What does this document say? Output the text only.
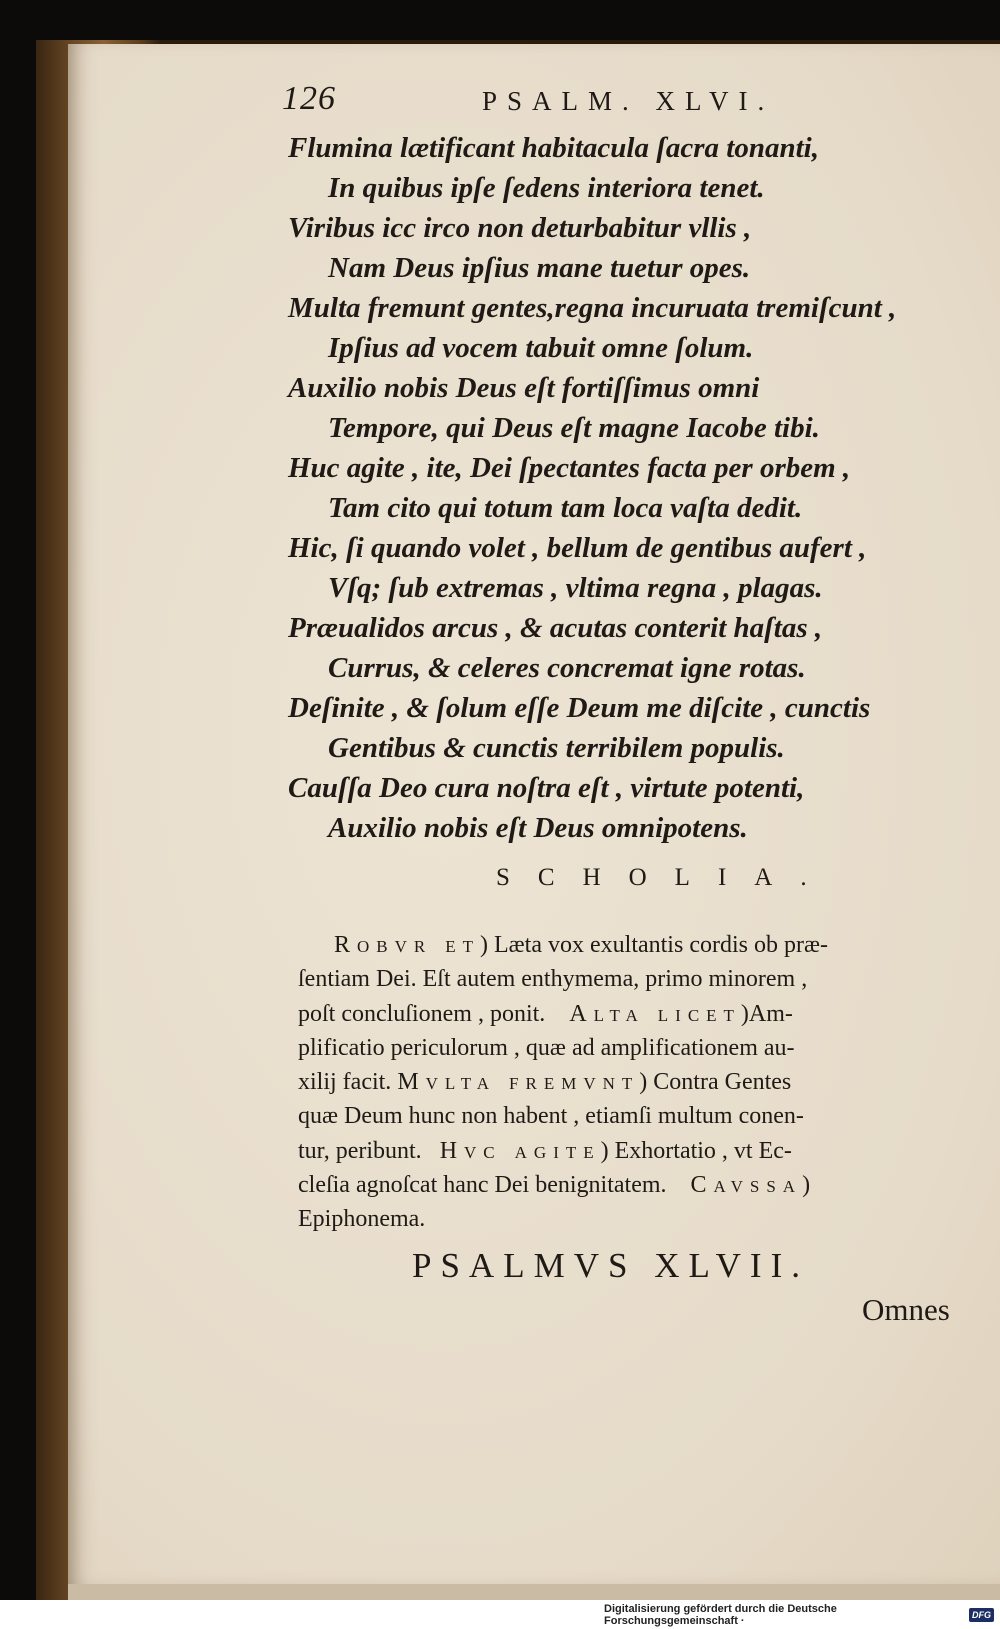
126	PSALM. XLVI.
Flumina lætificant habitacula ſacra tonanti,
In quibus ipſe ſedens interiora tenet.
Viribus icc irco non deturbabitur vllis ,
Nam Deus ipſius mane tuetur opes.
Multa fremunt gentes,regna incuruata tremiſcunt ,
Ipſius ad vocem tabuit omne ſolum.
Auxilio nobis Deus eſt fortiſſimus omni
Tempore, qui Deus eſt magne Iacobe tibi.
Huc agite , ite, Dei ſpectantes facta per orbem ,
Tam cito qui totum tam loca vaſta dedit.
Hic, ſi quando volet , bellum de gentibus aufert ,
Vſq; ſub extremas , vltima regna , plagas.
Præualidos arcus , & acutas conterit haſtas ,
Currus, & celeres concremat igne rotas.
Deſinite , & ſolum eſſe Deum me diſcite , cunctis
Gentibus & cunctis terribilem populis.
Cauſſa Deo cura noſtra eſt , virtute potenti,
Auxilio nobis eſt Deus omnipotens.
SCHOLIA.
Robvr et) Læta vox exultantis cordis ob præ-
ſentiam Dei. Eſt autem enthymema, primo minorem ,
poſt concluſionem , ponit.    Alta licet)Am-
plificatio periculorum , quæ ad amplificationem au-
xilij facit. Mvlta fremvnt) Contra Gentes
quæ Deum hunc non habent , etiamſi multum conen-
tur, peribunt.   Hvc agite) Exhortatio , vt Ec-
cleſia agnoſcat hanc Dei benignitatem.    Cavssa)
Epiphonema.
PSALMVS XLVII.
Omnes
Digitalisierung gefördert durch die Deutsche Forschungsgemeinschaft ·	DFG
